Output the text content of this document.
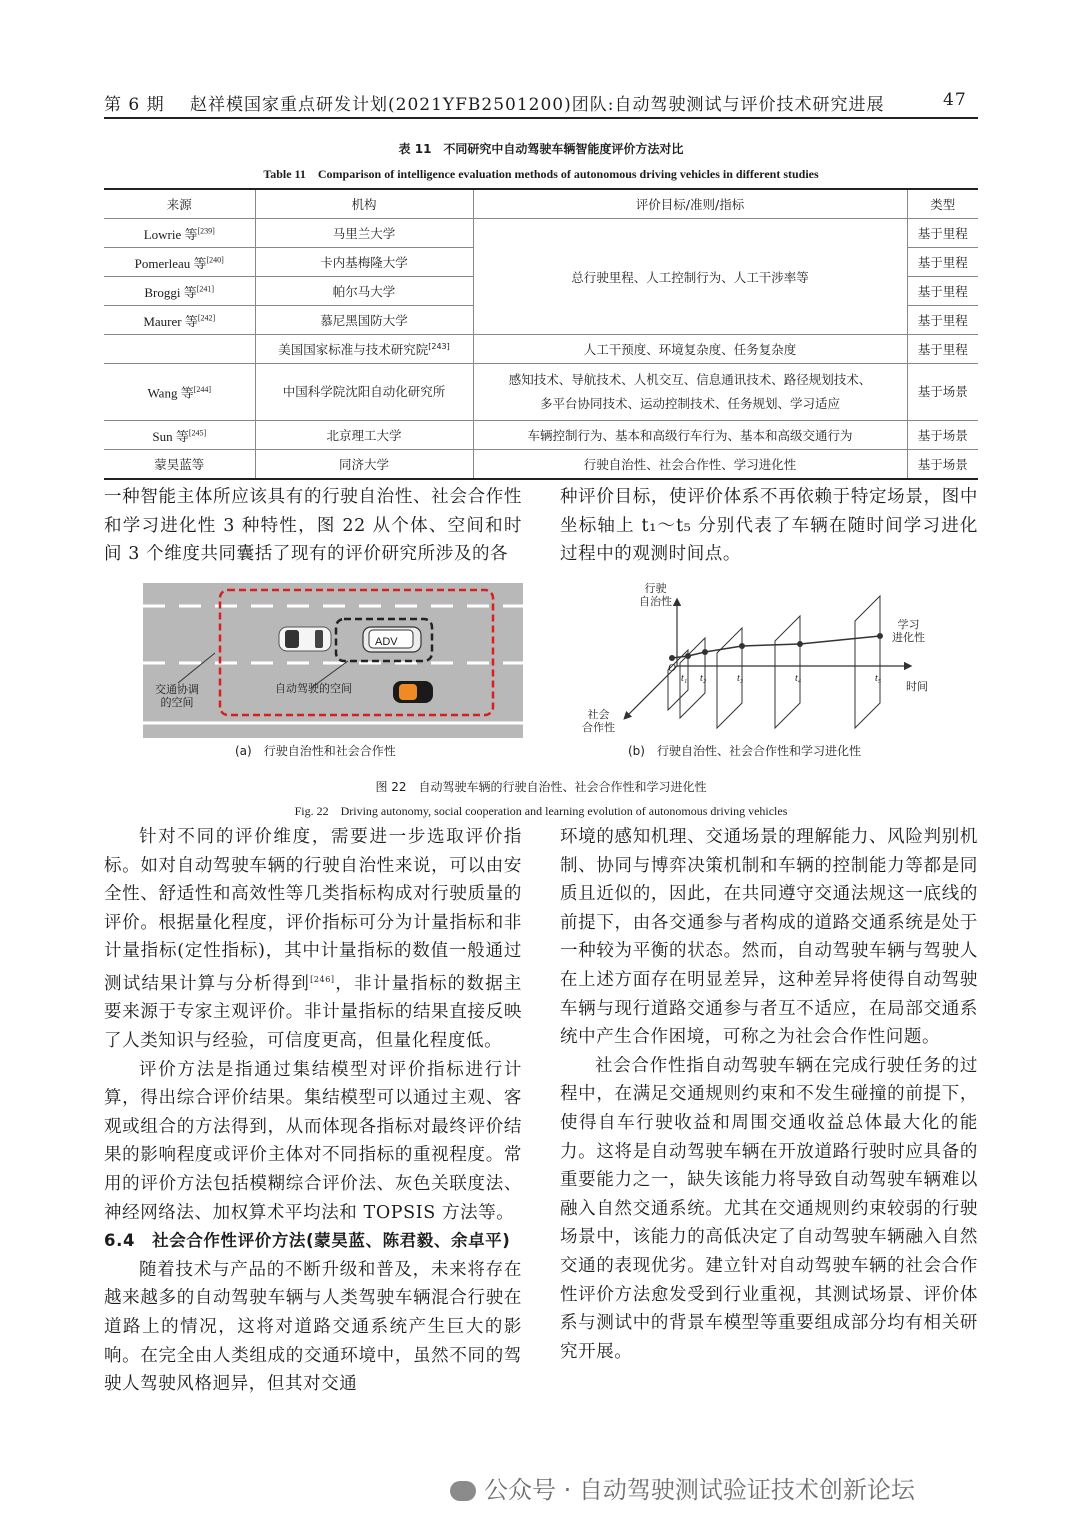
第 6 期 赵祥模国家重点研发计划(2021YFB2501200)团队:自动驾驶测试与评价技术研究进展	47
表 11　不同研究中自动驾驶车辆智能度评价方法对比
Table 11　Comparison of intelligence evaluation methods of autonomous driving vehicles in different studies
来源	机构	评价目标/准则/指标	类型
Lowrie 等[239]	马里兰大学	总行驶里程、人工控制行为、人工干涉率等	基于里程
Pomerleau 等[240]	卡内基梅隆大学		基于里程
Broggi 等[241]	帕尔马大学		基于里程
Maurer 等[242]	慕尼黑国防大学		基于里程
	美国国家标准与技术研究院[243]	人工干预度、环境复杂度、任务复杂度	基于里程
Wang 等[244]	中国科学院沈阳自动化研究所	感知技术、导航技术、人机交互、信息通讯技术、路径规划技术、
多平台协同技术、运动控制技术、任务规划、学习适应	基于场景
Sun 等[245]	北京理工大学	车辆控制行为、基本和高级行车行为、基本和高级交通行为	基于场景
蒙昊蓝等	同济大学	行驶自治性、社会合作性、学习进化性	基于场景

一种智能主体所应该具有的行驶自治性、社会合作性和学习进化性 3 种特性，图 22 从个体、空间和时间 3 个维度共同囊括了现有的评价研究所涉及的各

种评价目标，使评价体系不再依赖于特定场景，图中坐标轴上 t₁～t₅ 分别代表了车辆在随时间学习进化过程中的观测时间点。

ADV
交通协调
的空间
自动驾驶的空间
(a)　行驶自治性和社会合作性
行驶
自治性
学习
进化性
时间
社会
合作性
O
t₁ t₂	t₃	t₄	t₅
(b)　行驶自治性、社会合作性和学习进化性
图 22　自动驾驶车辆的行驶自治性、社会合作性和学习进化性
Fig. 22　Driving autonomy, social cooperation and learning evolution of autonomous driving vehicles

针对不同的评价维度，需要进一步选取评价指标。如对自动驾驶车辆的行驶自治性来说，可以由安全性、舒适性和高效性等几类指标构成对行驶质量的评价。根据量化程度，评价指标可分为计量指标和非计量指标(定性指标)，其中计量指标的数值一般通过测试结果计算与分析得到[246]，非计量指标的数据主要来源于专家主观评价。非计量指标的结果直接反映了人类知识与经验，可信度更高，但量化程度低。

评价方法是指通过集结模型对评价指标进行计算，得出综合评价结果。集结模型可以通过主观、客观或组合的方法得到，从而体现各指标对最终评价结果的影响程度或评价主体对不同指标的重视程度。常用的评价方法包括模糊综合评价法、灰色关联度法、神经网络法、加权算术平均法和 TOPSIS 方法等。

6.4　社会合作性评价方法(蒙昊蓝、陈君毅、余卓平)

随着技术与产品的不断升级和普及，未来将存在越来越多的自动驾驶车辆与人类驾驶车辆混合行驶在道路上的情况，这将对道路交通系统产生巨大的影响。在完全由人类组成的交通环境中，虽然不同的驾驶人驾驶风格迥异，但其对交通

环境的感知机理、交通场景的理解能力、风险判别机制、协同与博弈决策机制和车辆的控制能力等都是同质且近似的，因此，在共同遵守交通法规这一底线的前提下，由各交通参与者构成的道路交通系统是处于一种较为平衡的状态。然而，自动驾驶车辆与驾驶人在上述方面存在明显差异，这种差异将使得自动驾驶车辆与现行道路交通参与者互不适应，在局部交通系统中产生合作困境，可称之为社会合作性问题。

社会合作性指自动驾驶车辆在完成行驶任务的过程中，在满足交通规则约束和不发生碰撞的前提下，使得自车行驶收益和周围交通收益总体最大化的能力。这将是自动驾驶车辆在开放道路行驶时应具备的重要能力之一，缺失该能力将导致自动驾驶车辆难以融入自然交通系统。尤其在交通规则约束较弱的行驶场景中，该能力的高低决定了自动驾驶车辆融入自然交通的表现优劣。建立针对自动驾驶车辆的社会合作性评价方法愈发受到行业重视，其测试场景、评价体系与测试中的背景车模型等重要组成部分均有相关研究开展。

公众号 · 自动驾驶测试验证技术创新论坛
